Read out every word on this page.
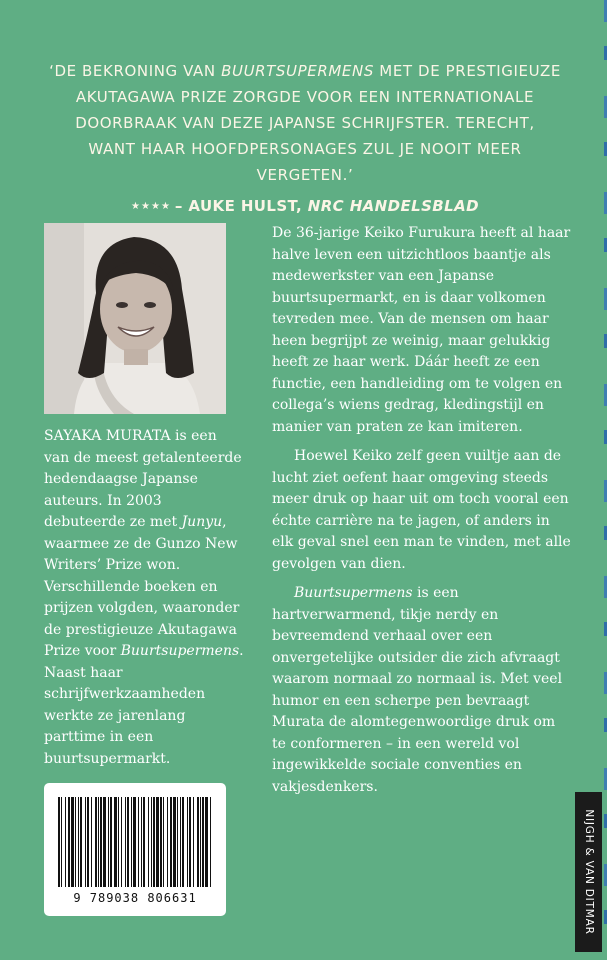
‘DE BEKRONING VAN BUURTSUPERMENS MET DE PRESTIGIEUZE
AKUTAGAWA PRIZE ZORGDE VOOR EEN INTERNATIONALE
DOORBRAAK VAN DEZE JAPANSE SCHRIJFSTER. TERECHT,
WANT HAAR HOOFDPERSONAGES ZUL JE NOOIT MEER VERGETEN.’
★★★★ – AUKE HULST, NRC HANDELSBLAD
SAYAKA MURATA is een van de meest getalenteerde hedendaagse Japanse auteurs. In 2003 debuteerde ze met Junyu, waarmee ze de Gunzo New Writers’ Prize won. Verschillende boeken en prijzen volgden, waaronder de prestigieuze Akutagawa Prize voor Buurtsupermens. Naast haar schrijfwerkzaamheden werkte ze jarenlang parttime in een buurtsupermarkt.

De 36-jarige Keiko Furukura heeft al haar halve leven een uitzichtloos baantje als medewerkster van een Japanse buurtsupermarkt, en is daar volkomen tevreden mee. Van de mensen om haar heen begrijpt ze weinig, maar gelukkig heeft ze haar werk. Dáár heeft ze een functie, een handleiding om te volgen en collega’s wiens gedrag, kledingstijl en manier van praten ze kan imiteren.

Hoewel Keiko zelf geen vuiltje aan de lucht ziet oefent haar omgeving steeds meer druk op haar uit om toch vooral een échte carrière na te jagen, of anders in elk geval snel een man te vinden, met alle gevolgen van dien.

Buurtsupermens is een hartverwarmend, tikje nerdy en bevreemdend verhaal over een onvergetelijke outsider die zich afvraagt waarom normaal zo normaal is. Met veel humor en een scherpe pen bevraagt Murata de alomtegenwoordige druk om te conformeren – in een wereld vol ingewikkelde sociale conventies en vakjesdenkers.

9 789038 806631	NIJGH & VAN DITMAR
